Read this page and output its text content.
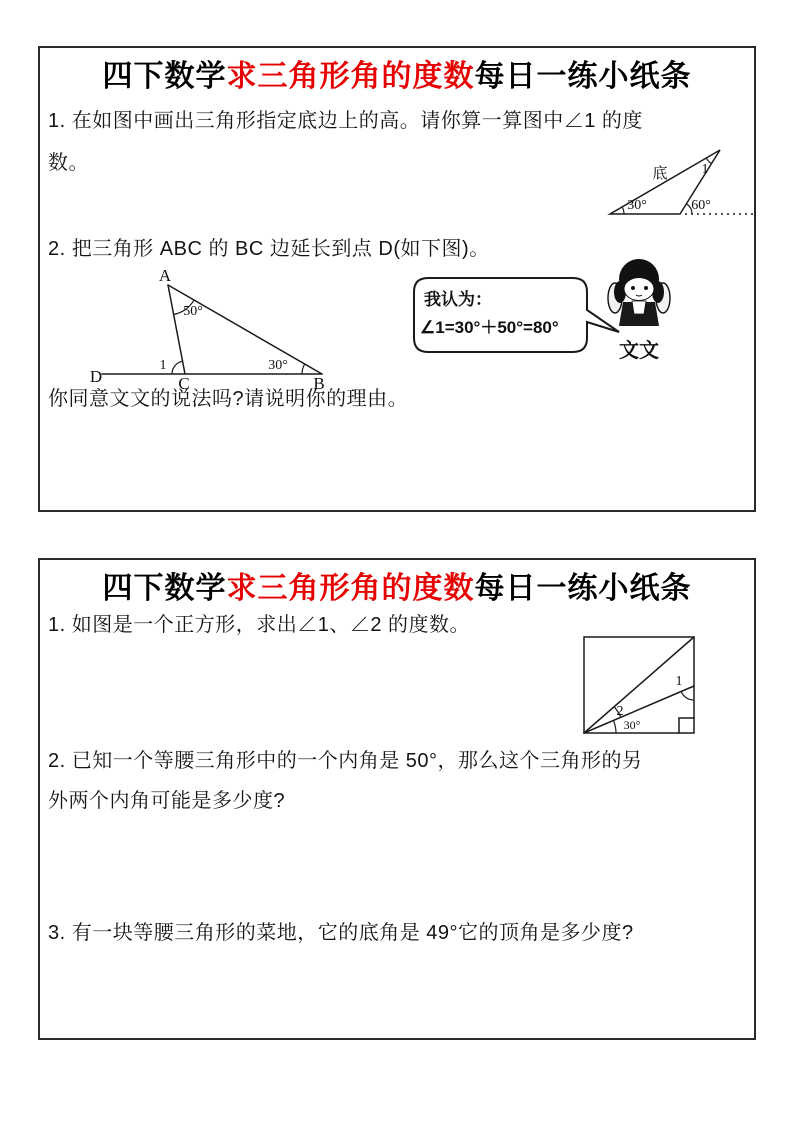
四下数学求三角形角的度数每日一练小纸条
1. 在如图中画出三角形指定底边上的高。请你算一算图中∠1 的度
数。	底 1
30°	60°
2. 把三角形 ABC 的 BC 边延长到点 D(如下图)。
A
D	C	B
50°
1	30°
我认为：
∠1=30°＋50°=80°
文文
你同意文文的说法吗?请说明你的理由。
四下数学求三角形角的度数每日一练小纸条
1. 如图是一个正方形，求出∠1、∠2 的度数。
1
2
30°
2. 已知一个等腰三角形中的一个内角是 50°，那么这个三角形的另
外两个内角可能是多少度?
3. 有一块等腰三角形的菜地，它的底角是 49°它的顶角是多少度?
